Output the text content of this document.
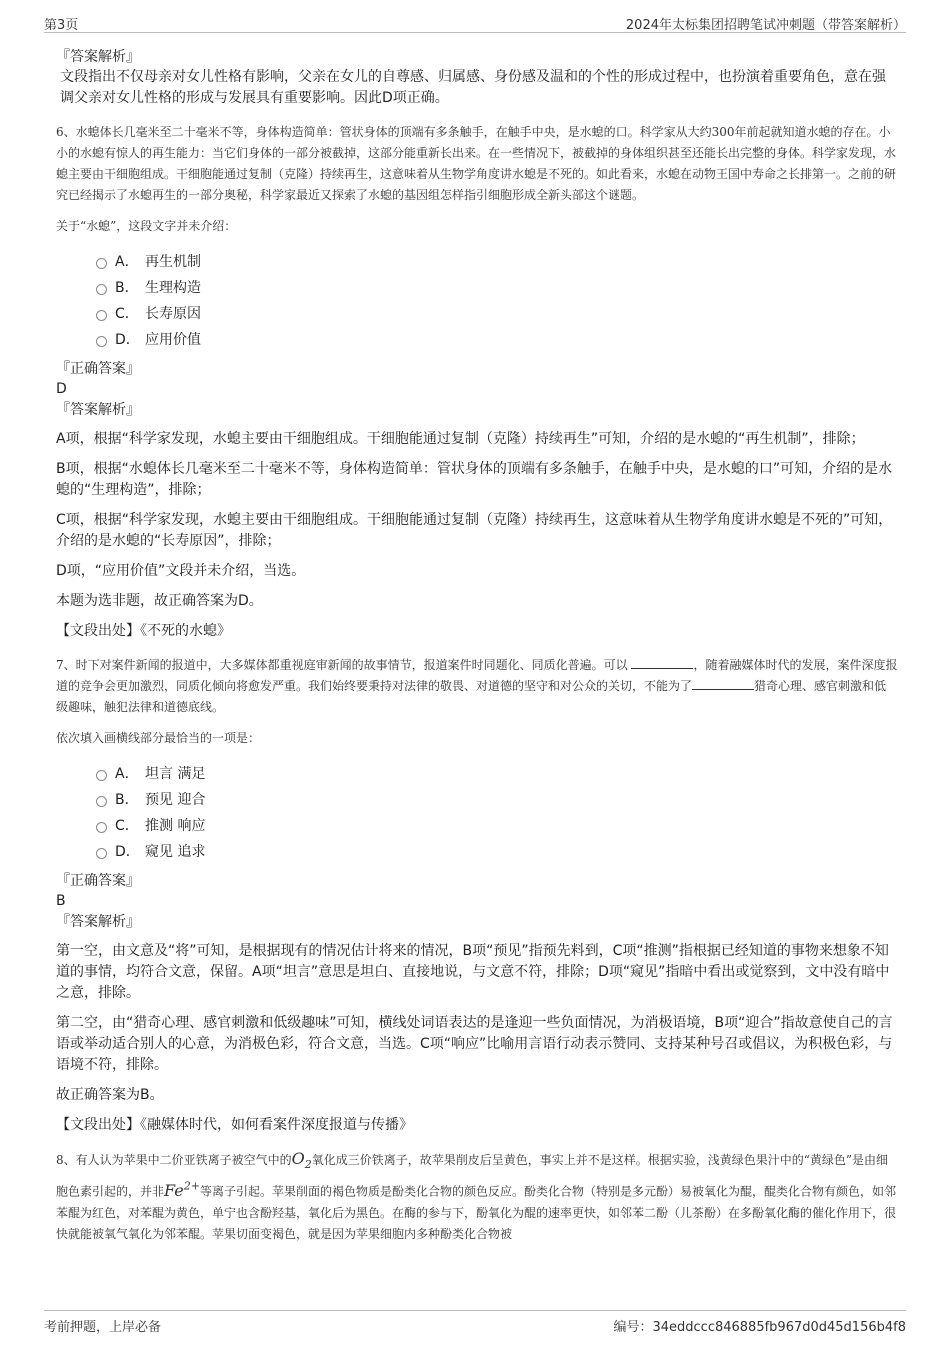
第3页	2024年太标集团招聘笔试冲刺题（带答案解析）

『答案解析』

文段指出不仅母亲对女儿性格有影响，父亲在女儿的自尊感、归属感、身份感及温和的个性的形成过程中，也扮演着重要角色，意在强调父亲对女儿性格的形成与发展具有重要影响。因此D项正确。

6、水螅体长几毫米至二十毫米不等，身体构造简单：管状身体的顶端有多条触手，在触手中央，是水螅的口。科学家从大约300年前起就知道水螅的存在。小小的水螅有惊人的再生能力：当它们身体的一部分被截掉，这部分能重新长出来。在一些情况下，被截掉的身体组织甚至还能长出完整的身体。科学家发现，水螅主要由干细胞组成。干细胞能通过复制（克隆）持续再生，这意味着从生物学角度讲水螅是不死的。如此看来，水螅在动物王国中寿命之长排第一。之前的研究已经揭示了水螅再生的一部分奥秘，科学家最近又探索了水螅的基因组怎样指引细胞形成全新头部这个谜题。

关于“水螅”，这段文字并未介绍：

A． 再生机制
B． 生理构造
C． 长寿原因
D． 应用价值

『正确答案』

D

『答案解析』

A项，根据“科学家发现，水螅主要由干细胞组成。干细胞能通过复制（克隆）持续再生”可知，介绍的是水螅的“再生机制”，排除；

B项，根据“水螅体长几毫米至二十毫米不等，身体构造简单：管状身体的顶端有多条触手，在触手中央，是水螅的口”可知，介绍的是水螅的“生理构造”，排除；

C项，根据“科学家发现，水螅主要由干细胞组成。干细胞能通过复制（克隆）持续再生，这意味着从生物学角度讲水螅是不死的”可知，介绍的是水螅的“长寿原因”，排除；

D项，“应用价值”文段并未介绍，当选。

本题为选非题，故正确答案为D。

【文段出处】《不死的水螅》

7、时下对案件新闻的报道中，大多媒体都重视庭审新闻的故事情节，报道案件时同题化、同质化普遍。可以	，随着融媒体时代的发展，案件深度报道的竞争会更加激烈，同质化倾向将愈发严重。我们始终要秉持对法律的敬畏、对道德的坚守和对公众的关切，不能为了	猎奇心理、感官刺激和低级趣味，触犯法律和道德底线。

依次填入画横线部分最恰当的一项是：

A． 坦言 满足
B． 预见 迎合
C． 推测 响应
D． 窥见 追求

『正确答案』

B

『答案解析』

第一空，由文意及“将”可知，是根据现有的情况估计将来的情况，B项“预见”指预先料到，C项“推测”指根据已经知道的事物来想象不知道的事情，均符合文意，保留。A项“坦言”意思是坦白、直接地说，与文意不符，排除；D项“窥见”指暗中看出或觉察到，文中没有暗中之意，排除。

第二空，由“猎奇心理、感官刺激和低级趣味”可知，横线处词语表达的是逢迎一些负面情况，为消极语境，B项“迎合”指故意使自己的言语或举动适合别人的心意，为消极色彩，符合文意，当选。C项“响应”比喻用言语行动表示赞同、支持某种号召或倡议，为积极色彩，与语境不符，排除。

故正确答案为B。

【文段出处】《融媒体时代，如何看案件深度报道与传播》

8、有人认为苹果中二价亚铁离子被空气中的$O_2$氧化成三价铁离子，故苹果削皮后呈黄色，事实上并不是这样。根据实验，浅黄绿色果汁中的“黄绿色”是由细胞色素引起的，并非$Fe^{2+}$等离子引起。苹果削面的褐色物质是酚类化合物的颜色反应。酚类化合物（特别是多元酚）易被氧化为醌，醌类化合物有颜色，如邻苯醌为红色，对苯醌为黄色，单宁也含酚羟基，氧化后为黑色。在酶的参与下，酚氧化为醌的速率更快，如邻苯二酚（儿茶酚）在多酚氧化酶的催化作用下，很快就能被氧气氧化为邻苯醌。苹果切面变褐色，就是因为苹果细胞内多种酚类化合物被

考前押题，上岸必备	编号：34eddccc846885fb967d0d45d156b4f8
